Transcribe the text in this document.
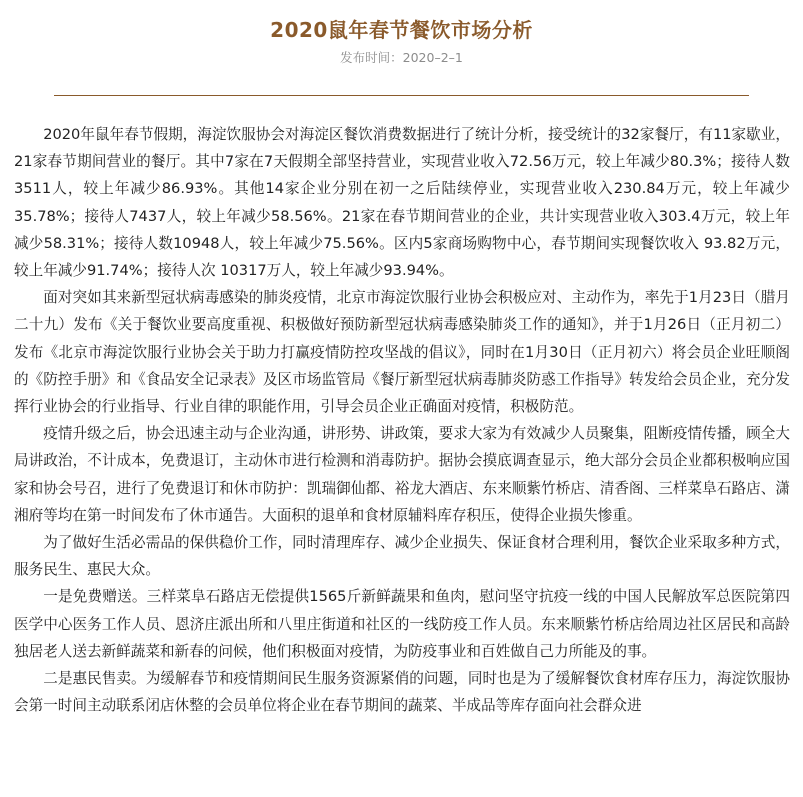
2020鼠年春节餐饮市场分析
发布时间：2020–2–1

2020年鼠年春节假期，海淀饮服协会对海淀区餐饮消费数据进行了统计分析，接受统计的32家餐厅，有11家歇业，21家春节期间营业的餐厅。其中7家在7天假期全部坚持营业，实现营业收入72.56万元，较上年减少80.3%；接待人数3511人，较上年减少86.93%。其他14家企业分别在初一之后陆续停业，实现营业收入230.84万元，较上年减少35.78%；接待人7437人，较上年减少58.56%。21家在春节期间营业的企业，共计实现营业收入303.4万元，较上年减少58.31%；接待人数10948人，较上年减少75.56%。区内5家商场购物中心，春节期间实现餐饮收入 93.82万元，较上年减少91.74%；接待人次 10317万人，较上年减少93.94%。

面对突如其来新型冠状病毒感染的肺炎疫情，北京市海淀饮服行业协会积极应对、主动作为，率先于1月23日（腊月二十九）发布《关于餐饮业要高度重视、积极做好预防新型冠状病毒感染肺炎工作的通知》，并于1月26日（正月初二）发布《北京市海淀饮服行业协会关于助力打赢疫情防控攻坚战的倡议》，同时在1月30日（正月初六）将会员企业旺顺阁的《防控手册》和《食品安全记录表》及区市场监管局《餐厅新型冠状病毒肺炎防惑工作指导》转发给会员企业，充分发挥行业协会的行业指导、行业自律的职能作用，引导会员企业正确面对疫情，积极防范。

疫情升级之后，协会迅速主动与企业沟通，讲形势、讲政策，要求大家为有效减少人员聚集，阻断疫情传播，顾全大局讲政治，不计成本，免费退订，主动休市进行检测和消毒防护。据协会摸底调查显示，绝大部分会员企业都积极响应国家和协会号召，进行了免费退订和休市防护：凯瑞御仙都、裕龙大酒店、东来顺紫竹桥店、清香阁、三样菜阜石路店、潇湘府等均在第一时间发布了休市通告。大面积的退单和食材原辅料库存积压，使得企业损失惨重。

为了做好生活必需品的保供稳价工作，同时清理库存、减少企业损失、保证食材合理利用，餐饮企业采取多种方式，服务民生、惠民大众。

一是免费赠送。三样菜阜石路店无偿提供1565斤新鲜蔬果和鱼肉，慰问坚守抗疫一线的中国人民解放军总医院第四医学中心医务工作人员、恩济庄派出所和八里庄街道和社区的一线防疫工作人员。东来顺紫竹桥店给周边社区居民和高龄独居老人送去新鲜蔬菜和新春的问候，他们积极面对疫情，为防疫事业和百姓做自己力所能及的事。

二是惠民售卖。为缓解春节和疫情期间民生服务资源紧俏的问题，同时也是为了缓解餐饮食材库存压力，海淀饮服协会第一时间主动联系闭店休整的会员单位将企业在春节期间的蔬菜、半成品等库存面向社会群众进
